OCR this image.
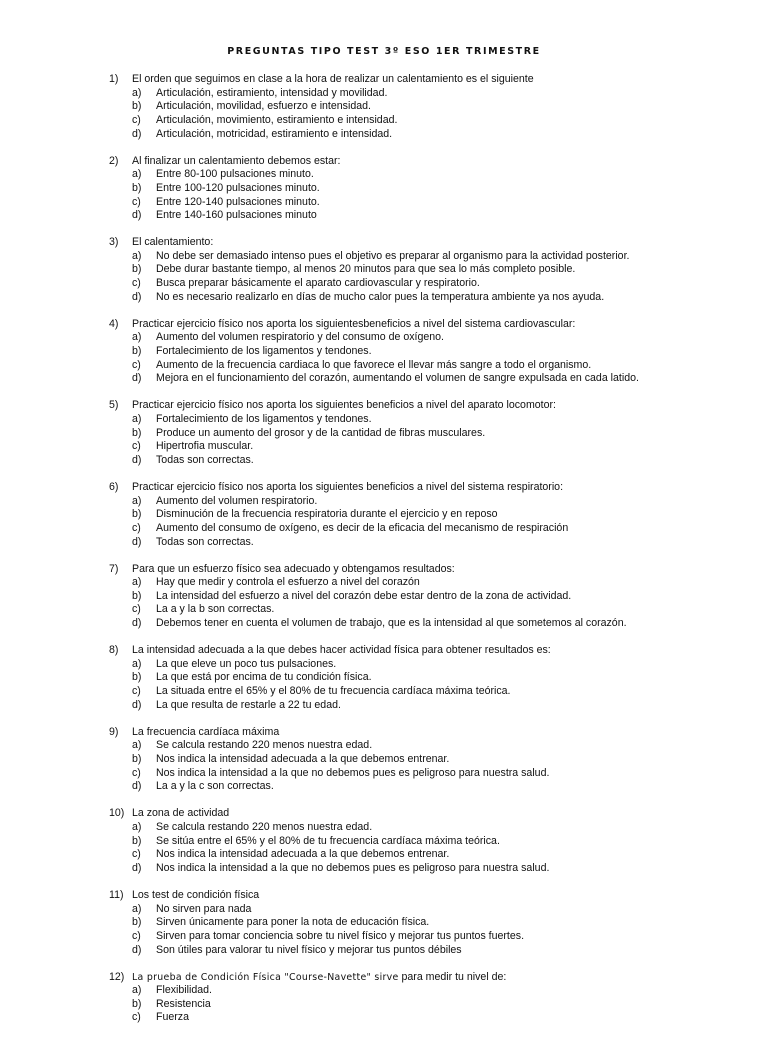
PREGUNTAS TIPO TEST 3º ESO 1ER TRIMESTRE
1) El orden que seguimos en clase a la hora de realizar un calentamiento es el siguiente
a) Articulación, estiramiento, intensidad y movilidad.
b) Articulación, movilidad, esfuerzo e intensidad.
c) Articulación, movimiento, estiramiento e intensidad.
d) Articulación, motricidad, estiramiento e intensidad.
2) Al finalizar un calentamiento debemos estar:
a) Entre 80-100 pulsaciones minuto.
b) Entre 100-120 pulsaciones minuto.
c) Entre 120-140 pulsaciones minuto.
d) Entre 140-160 pulsaciones minuto
3) El calentamiento:
a) No debe ser demasiado intenso pues el objetivo es preparar al organismo para la actividad posterior.
b) Debe durar bastante tiempo, al menos 20 minutos para que sea lo más completo posible.
c) Busca preparar básicamente el aparato cardiovascular y respiratorio.
d) No es necesario realizarlo en días de mucho calor pues la temperatura ambiente ya nos ayuda.
4) Practicar ejercicio físico nos aporta los siguientesbeneficios a nivel del sistema cardiovascular:
a) Aumento del volumen respiratorio y del consumo de oxígeno.
b) Fortalecimiento de los ligamentos y tendones.
c) Aumento de la frecuencia cardiaca lo que favorece el llevar más sangre a todo el organismo.
d) Mejora en el funcionamiento del corazón, aumentando el volumen de sangre expulsada en cada latido.
5) Practicar ejercicio físico nos aporta los siguientes beneficios a nivel del aparato locomotor:
a) Fortalecimiento de los ligamentos y tendones.
b) Produce un aumento del grosor y de la cantidad de fibras musculares.
c) Hipertrofia muscular.
d) Todas son correctas.
6) Practicar ejercicio físico nos aporta los siguientes beneficios a nivel del sistema respiratorio:
a) Aumento del volumen respiratorio.
b) Disminución de la frecuencia respiratoria durante el ejercicio y en reposo
c) Aumento del consumo de oxígeno, es decir de la eficacia del mecanismo de respiración
d) Todas son correctas.
7) Para que un esfuerzo físico sea adecuado y obtengamos resultados:
a) Hay que medir y controla el esfuerzo a nivel del corazón
b) La intensidad del esfuerzo a nivel del corazón debe estar dentro de la zona de actividad.
c) La a y la b son correctas.
d) Debemos tener en cuenta el volumen de trabajo, que es la intensidad al que sometemos al corazón.
8) La intensidad adecuada a la que debes hacer actividad física para obtener resultados es:
a) La que eleve un poco tus pulsaciones.
b) La que está por encima de tu condición física.
c) La situada entre el 65% y el 80% de tu frecuencia cardíaca máxima teórica.
d) La que resulta de restarle a 22 tu edad.
9) La frecuencia cardíaca máxima
a) Se calcula restando 220 menos nuestra edad.
b) Nos indica la intensidad adecuada a la que debemos entrenar.
c) Nos indica la intensidad a la que no debemos pues es peligroso para nuestra salud.
d) La a y la c son correctas.
10) La zona de actividad
a) Se calcula restando 220 menos nuestra edad.
b) Se sitúa entre el 65% y el 80% de tu frecuencia cardíaca máxima teórica.
c) Nos indica la intensidad adecuada a la que debemos entrenar.
d) Nos indica la intensidad a la que no debemos pues es peligroso para nuestra salud.
11) Los test de condición física
a) No sirven para nada
b) Sirven únicamente para poner la nota de educación física.
c) Sirven para tomar conciencia sobre tu nivel físico y mejorar tus puntos fuertes.
d) Son útiles para valorar tu nivel físico y mejorar tus puntos débiles
12) La prueba de Condición Física "Course-Navette" sirve para medir tu nivel de:
a) Flexibilidad.
b) Resistencia
c) Fuerza
